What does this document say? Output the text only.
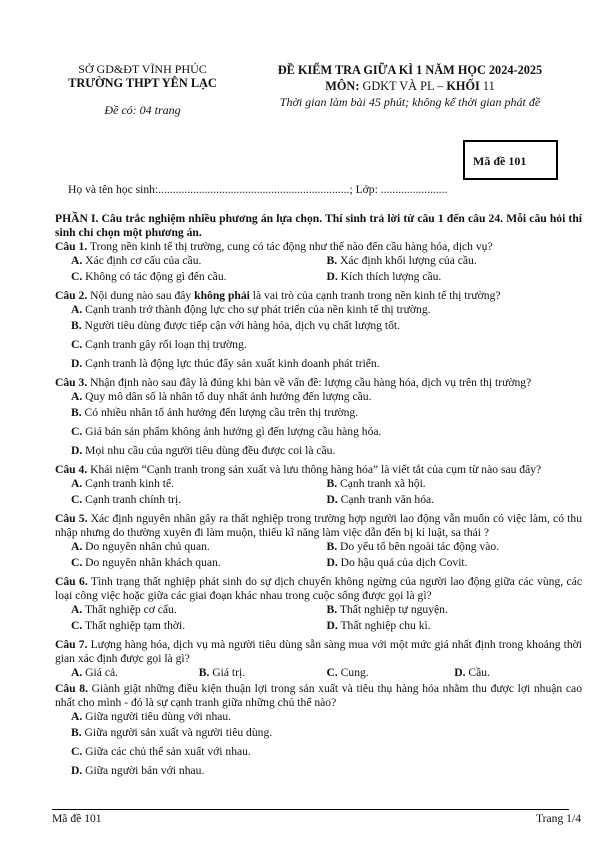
SỞ GD&ĐT VĨNH PHÚC
TRƯỜNG THPT YÊN LẠC
Đề có: 04 trang
ĐỀ KIỂM TRA GIỮA KÌ 1 NĂM HỌC 2024-2025
MÔN: GDKT VÀ PL – KHỐI 11
Thời gian làm bài 45 phút; không kể thời gian phát đề
Mã đề 101
Họ và tên học sinh:..................................................................; Lớp: .......................
PHẦN I. Câu trắc nghiệm nhiều phương án lựa chọn. Thí sinh trả lời từ câu 1 đến câu 24. Mỗi câu hỏi thí sinh chỉ chọn một phương án.
Câu 1. Trong nền kinh tế thị trường, cung có tác động như thế nào đến cầu hàng hóa, dịch vụ?
A. Xác định cơ cấu của cầu.	B. Xác định khối lượng của cầu.
C. Không có tác động gì đến cầu.	D. Kích thích lượng cầu.
Câu 2. Nội dung nào sau đây không phải là vai trò của cạnh tranh trong nền kinh tế thị trường?
A. Cạnh tranh trở thành động lực cho sự phát triển của nền kinh tế thị trường.
B. Người tiêu dùng được tiếp cận với hàng hóa, dịch vụ chất lượng tốt.
C. Cạnh tranh gây rối loạn thị trường.
D. Cạnh tranh là động lực thúc đẩy sản xuất kinh doanh phát triển.
Câu 3. Nhận định nào sau đây là đúng khi bàn về vấn đề: lượng cầu hàng hóa, dịch vụ trên thị trường?
A. Quy mô dân số là nhân tố duy nhất ảnh hưởng đến lượng cầu.
B. Có nhiều nhân tố ảnh hưởng đến lượng cầu trên thị trường.
C. Giá bán sản phẩm không ảnh hưởng gì đến lượng cầu hàng hóa.
D. Mọi nhu cầu của người tiêu dùng đều được coi là cầu.
Câu 4. Khái niệm “Cạnh tranh trong sản xuất và lưu thông hàng hóa” là viết tắt của cụm từ nào sau đây?
A. Cạnh tranh kinh tế.	B. Cạnh tranh xã hội.
C. Cạnh tranh chính trị.	D. Cạnh tranh văn hóa.
Câu 5. Xác định nguyên nhân gây ra thất nghiệp trong trường hợp người lao động vẫn muốn có việc làm, có thu nhập nhưng do thường xuyên đi làm muộn, thiếu kĩ năng làm việc dẫn đến bị kỉ luật, sa thải ?
A. Do nguyên nhân chủ quan.	B. Do yếu tố bên ngoài tác động vào.
C. Do nguyên nhân khách quan.	D. Do hậu quả của dịch Covit.
Câu 6. Tình trạng thất nghiệp phát sinh do sự dịch chuyển không ngừng của người lao động giữa các vùng, các loại công việc hoặc giữa các giai đoạn khác nhau trong cuộc sống được gọi là gì?
A. Thất nghiệp cơ cấu.	B. Thất nghiệp tự nguyện.
C. Thất nghiệp tạm thời.	D. Thất nghiệp chu kì.
Câu 7. Lượng hàng hóa, dịch vụ mà người tiêu dùng sẵn sàng mua với một mức giá nhất định trong khoảng thời gian xác định được gọi là gì?
A. Giá cả.	B. Giá trị.	C. Cung.	D. Cầu.
Câu 8. Giành giật những điều kiện thuận lợi trong sản xuất và tiêu thụ hàng hóa nhằm thu được lợi nhuận cao nhất cho mình - đó là sự cạnh tranh giữa những chủ thể nào?
A. Giữa người tiêu dùng với nhau.
B. Giữa người sản xuất và người tiêu dùng.
C. Giữa các chủ thể sản xuất với nhau.
D. Giữa người bán với nhau.
Mã đề 101	Trang 1/4
